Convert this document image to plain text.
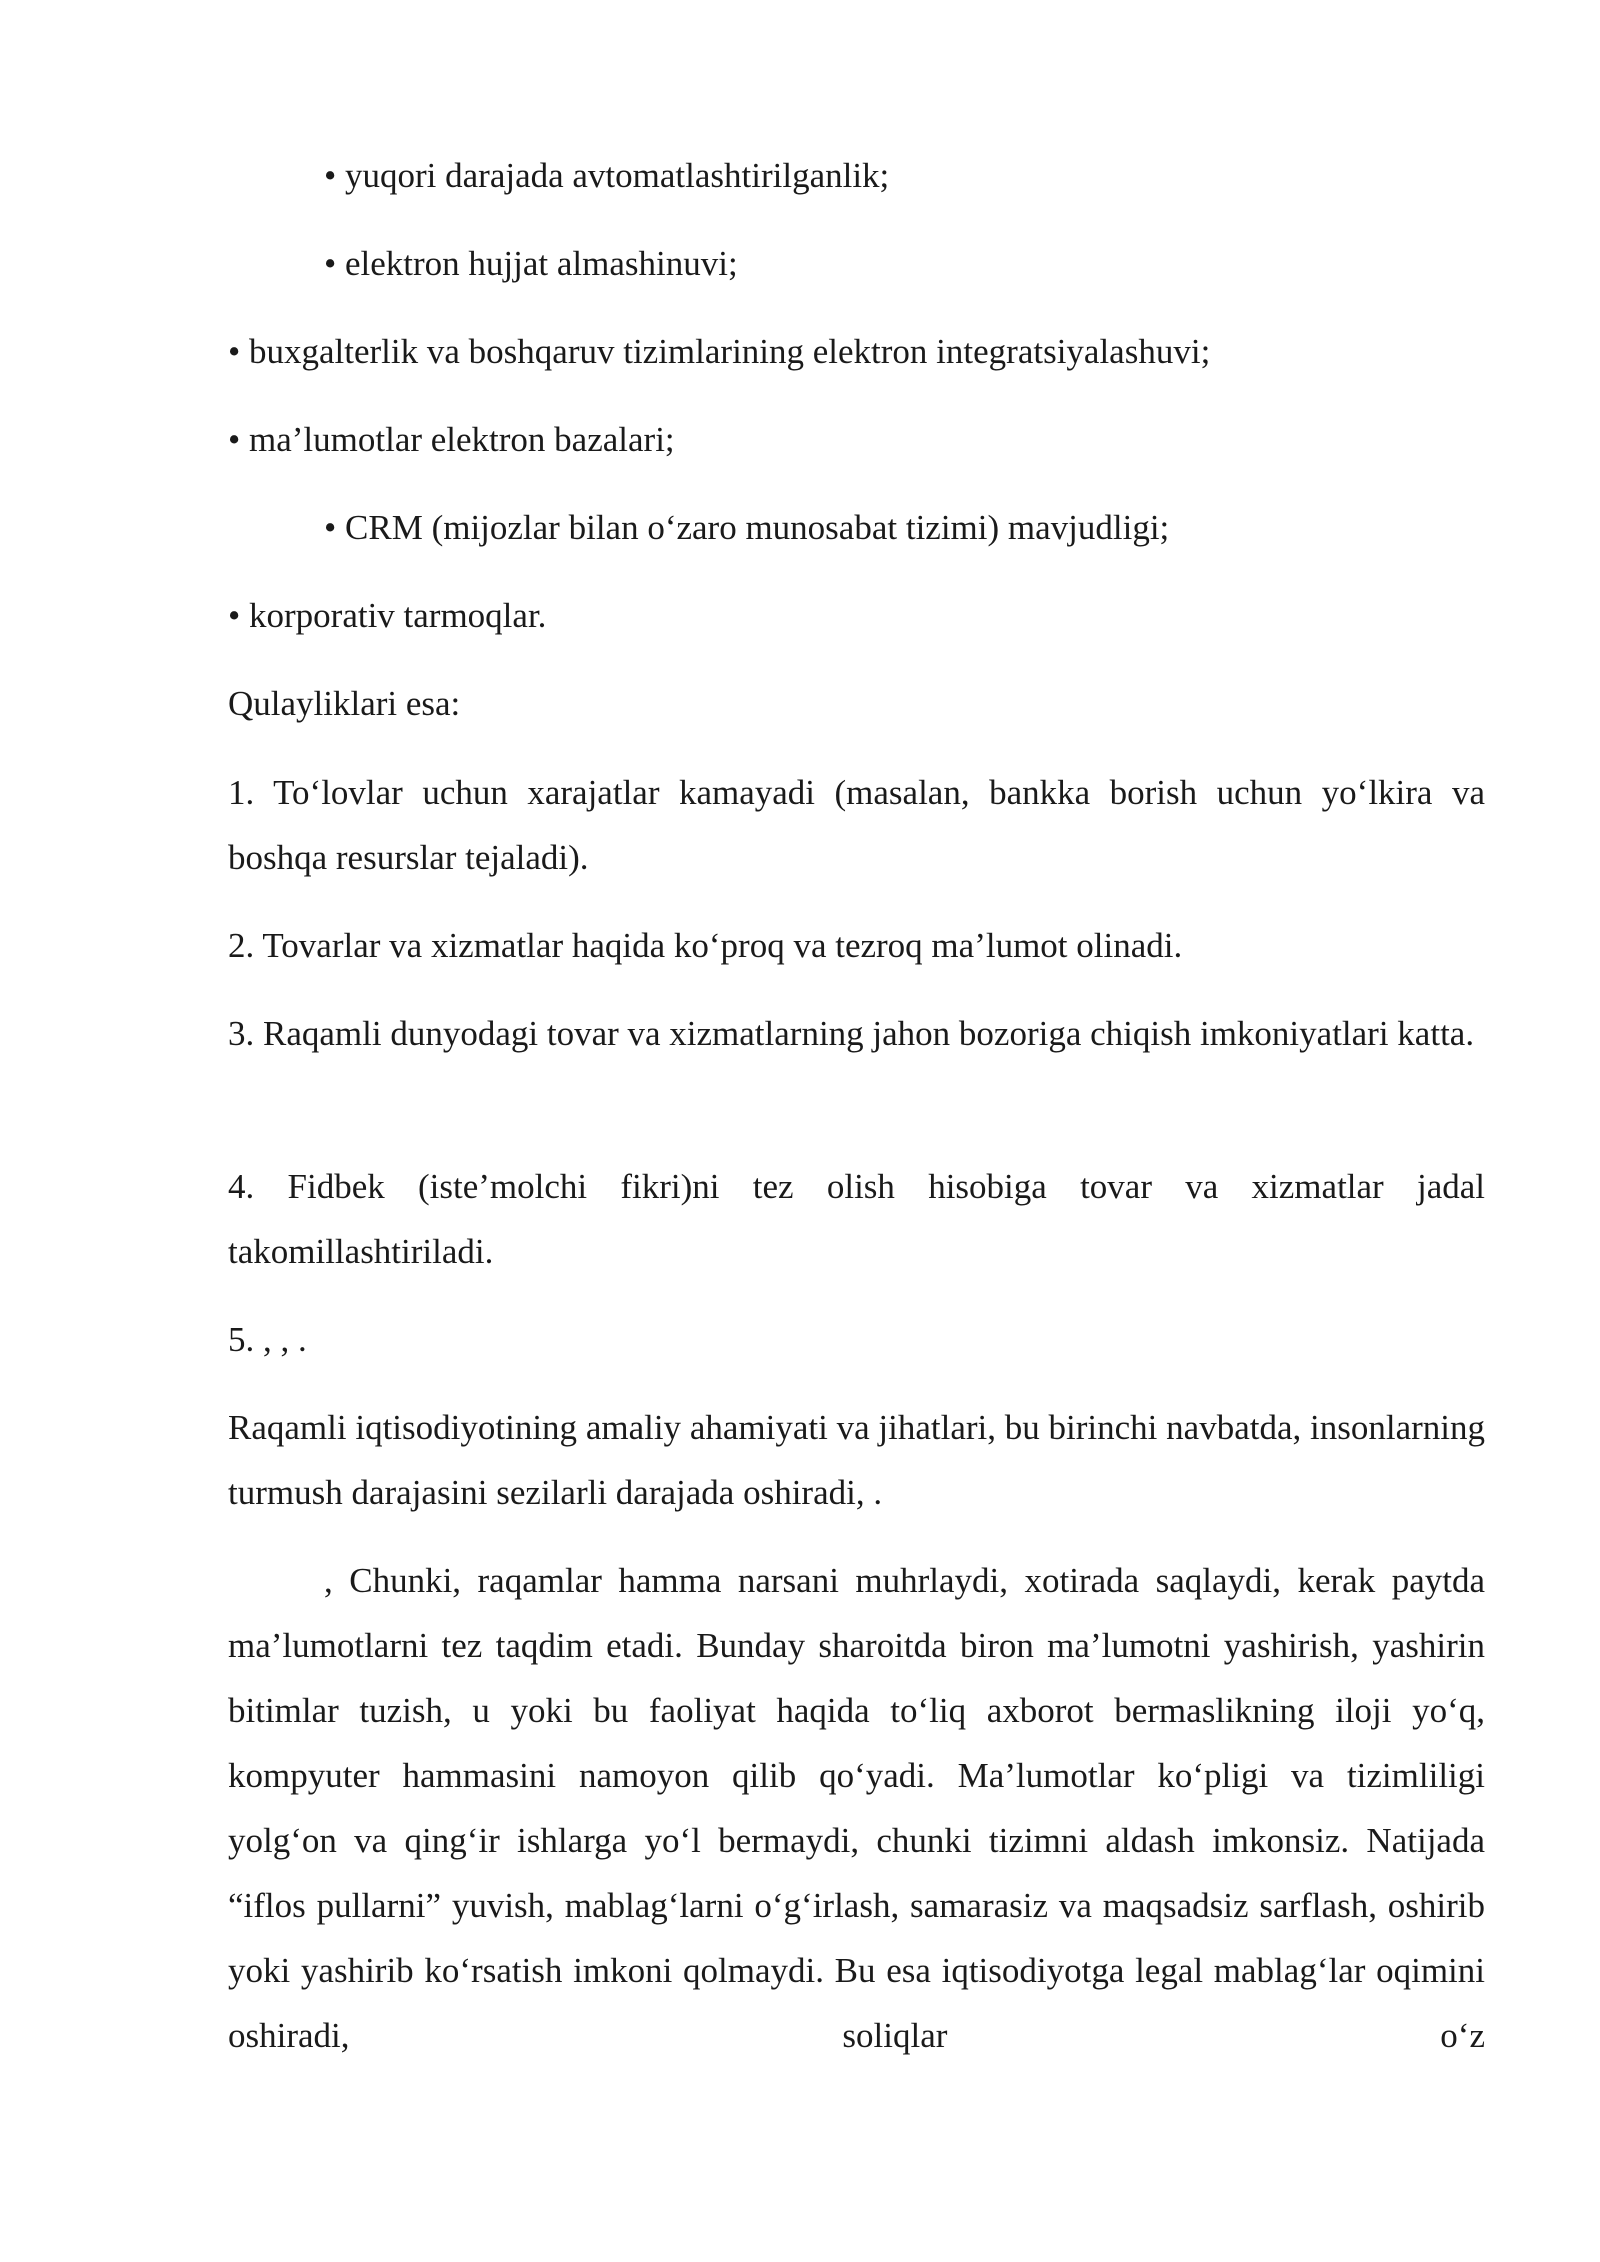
• yuqori darajada avtomatlashtirilganlik;
• elektron hujjat almashinuvi;
• buxgalterlik va boshqaruv tizimlarining elektron integratsiyalashuvi;
• ma’lumotlar elektron bazalari;
• CRM (mijozlar bilan o‘zaro munosabat tizimi) mavjudligi;
• korporativ tarmoqlar.
Qulayliklari esa:
1. To‘lovlar uchun xarajatlar kamayadi (masalan, bankka borish uchun yo‘lkira va boshqa resurslar tejaladi).
2. Tovarlar va xizmatlar haqida ko‘proq va tezroq ma’lumot olinadi.
3. Raqamli dunyodagi tovar va xizmatlarning jahon bozoriga chiqish imkoniyatlari katta.
4. Fidbek (iste’molchi fikri)ni tez olish hisobiga tovar va xizmatlar jadal takomillashtiriladi.
5. , , .
Raqamli iqtisodiyotining amaliy ahamiyati va jihatlari, bu birinchi navbatda, insonlarning turmush darajasini sezilarli darajada oshiradi, .
, Chunki, raqamlar hamma narsani muhrlaydi, xotirada saqlaydi, kerak paytda ma’lumotlarni tez taqdim etadi. Bunday sharoitda biron ma’lumotni yashirish, yashirin bitimlar tuzish, u yoki bu faoliyat haqida to‘liq axborot bermaslikning iloji yo‘q, kompyuter hammasini namoyon qilib qo‘yadi. Ma’lumotlar ko‘pligi va tizimliligi yolg‘on va qing‘ir ishlarga yo‘l bermaydi, chunki tizimni aldash imkonsiz. Natijada “iflos pullarni” yuvish, mablag‘larni o‘g‘irlash, samarasiz va maqsadsiz sarflash, oshirib yoki yashirib ko‘rsatish imkoni qolmaydi. Bu esa iqtisodiyotga legal mablag‘lar oqimini oshiradi, soliqlar o‘z
